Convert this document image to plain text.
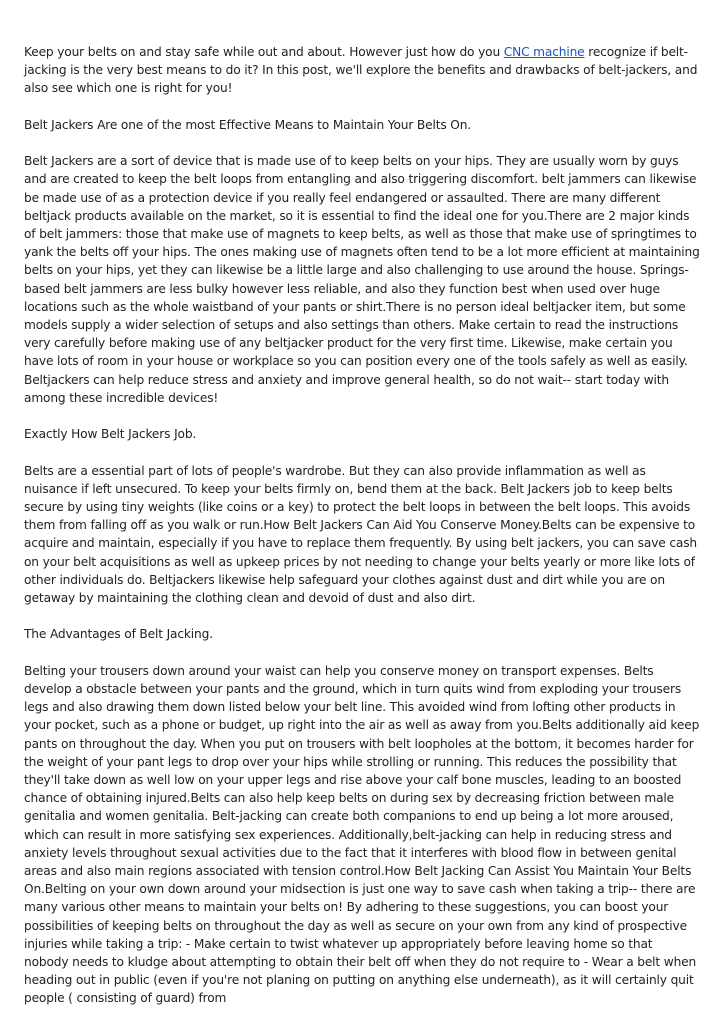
Keep your belts on and stay safe while out and about. However just how do you CNC machine recognize if belt-jacking is the very best means to do it? In this post, we'll explore the benefits and drawbacks of belt-jackers, and also see which one is right for you!

Belt Jackers Are one of the most Effective Means to Maintain Your Belts On.

Belt Jackers are a sort of device that is made use of to keep belts on your hips. They are usually worn by guys and are created to keep the belt loops from entangling and also triggering discomfort. belt jammers can likewise be made use of as a protection device if you really feel endangered or assaulted. There are many different beltjack products available on the market, so it is essential to find the ideal one for you.There are 2 major kinds of belt jammers: those that make use of magnets to keep belts, as well as those that make use of springtimes to yank the belts off your hips. The ones making use of magnets often tend to be a lot more efficient at maintaining belts on your hips, yet they can likewise be a little large and also challenging to use around the house. Springs-based belt jammers are less bulky however less reliable, and also they function best when used over huge locations such as the whole waistband of your pants or shirt.There is no person ideal beltjacker item, but some models supply a wider selection of setups and also settings than others. Make certain to read the instructions very carefully before making use of any beltjacker product for the very first time. Likewise, make certain you have lots of room in your house or workplace so you can position every one of the tools safely as well as easily. Beltjackers can help reduce stress and anxiety and improve general health, so do not wait-- start today with among these incredible devices!

Exactly How Belt Jackers Job.

Belts are a essential part of lots of people's wardrobe. But they can also provide inflammation as well as nuisance if left unsecured. To keep your belts firmly on, bend them at the back. Belt Jackers job to keep belts secure by using tiny weights (like coins or a key) to protect the belt loops in between the belt loops. This avoids them from falling off as you walk or run.How Belt Jackers Can Aid You Conserve Money.Belts can be expensive to acquire and maintain, especially if you have to replace them frequently. By using belt jackers, you can save cash on your belt acquisitions as well as upkeep prices by not needing to change your belts yearly or more like lots of other individuals do. Beltjackers likewise help safeguard your clothes against dust and dirt while you are on getaway by maintaining the clothing clean and devoid of dust and also dirt.

The Advantages of Belt Jacking.

Belting your trousers down around your waist can help you conserve money on transport expenses. Belts develop a obstacle between your pants and the ground, which in turn quits wind from exploding your trousers legs and also drawing them down listed below your belt line. This avoided wind from lofting other products in your pocket, such as a phone or budget, up right into the air as well as away from you.Belts additionally aid keep pants on throughout the day. When you put on trousers with belt loopholes at the bottom, it becomes harder for the weight of your pant legs to drop over your hips while strolling or running. This reduces the possibility that they'll take down as well low on your upper legs and rise above your calf bone muscles, leading to an boosted chance of obtaining injured.Belts can also help keep belts on during sex by decreasing friction between male genitalia and women genitalia. Belt-jacking can create both companions to end up being a lot more aroused, which can result in more satisfying sex experiences. Additionally,belt-jacking can help in reducing stress and anxiety levels throughout sexual activities due to the fact that it interferes with blood flow in between genital areas and also main regions associated with tension control.How Belt Jacking Can Assist You Maintain Your Belts On.Belting on your own down around your midsection is just one way to save cash when taking a trip-- there are many various other means to maintain your belts on! By adhering to these suggestions, you can boost your possibilities of keeping belts on throughout the day as well as secure on your own from any kind of prospective injuries while taking a trip: - Make certain to twist whatever up appropriately before leaving home so that nobody needs to kludge about attempting to obtain their belt off when they do not require to - Wear a belt when heading out in public (even if you're not planing on putting on anything else underneath), as it will certainly quit people ( consisting of guard) from
